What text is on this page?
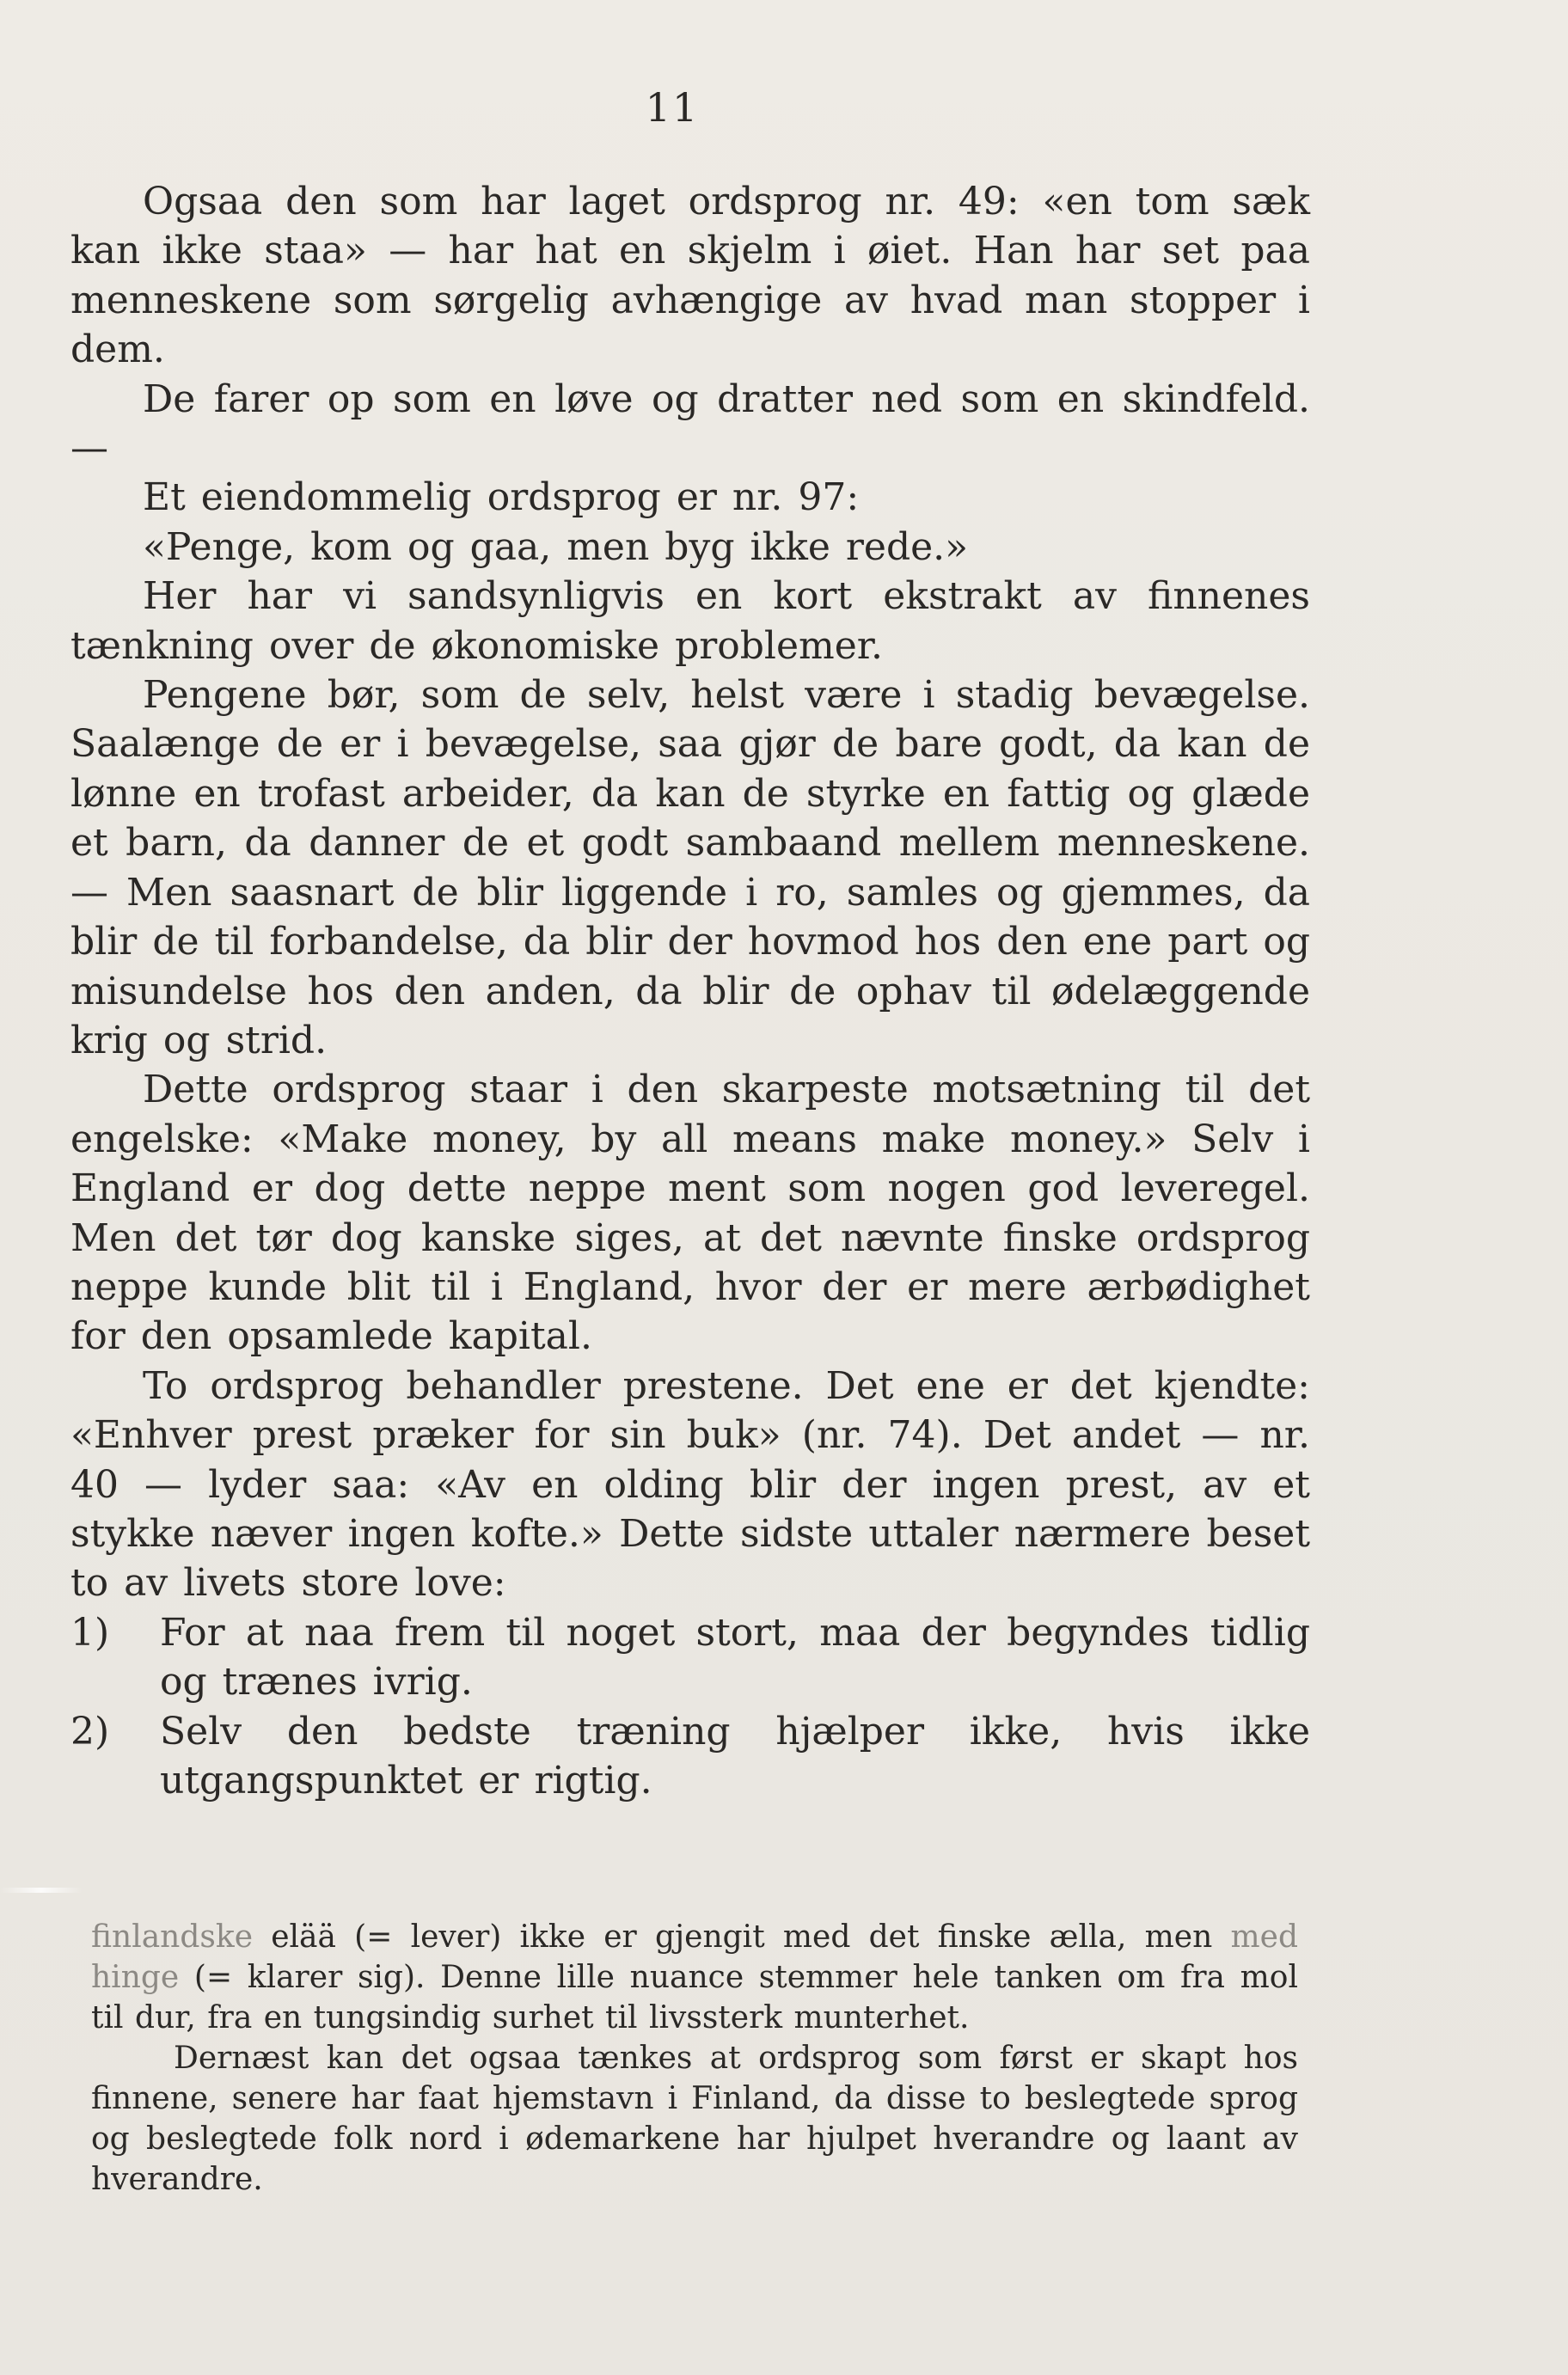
11

Ogsaa den som har laget ordsprog nr. 49: «en tom sæk kan ikke staa» — har hat en skjelm i øiet. Han har set paa menneskene som sørgelig avhængige av hvad man stopper i dem.

De farer op som en løve og dratter ned som en skindfeld. —

Et eiendommelig ordsprog er nr. 97:

«Penge, kom og gaa, men byg ikke rede.»

Her har vi sandsynligvis en kort ekstrakt av finnenes tænkning over de økonomiske problemer.

Pengene bør, som de selv, helst være i stadig bevægelse. Saalænge de er i bevægelse, saa gjør de bare godt, da kan de lønne en trofast arbeider, da kan de styrke en fattig og glæde et barn, da danner de et godt sambaand mellem menneskene. — Men saasnart de blir liggende i ro, samles og gjemmes, da blir de til forbandelse, da blir der hovmod hos den ene part og misundelse hos den anden, da blir de ophav til ødelæggende krig og strid.

Dette ordsprog staar i den skarpeste motsætning til det engelske: «Make money, by all means make money.» Selv i England er dog dette neppe ment som nogen god leveregel. Men det tør dog kanske siges, at det nævnte finske ordsprog neppe kunde blit til i England, hvor der er mere ærbødighet for den opsamlede kapital.

To ordsprog behandler prestene. Det ene er det kjendte: «Enhver prest præker for sin buk» (nr. 74). Det andet — nr. 40 — lyder saa: «Av en olding blir der ingen prest, av et stykke næver ingen kofte.» Dette sidste uttaler nærmere beset to av livets store love:

1) For at naa frem til noget stort, maa der begyndes tidlig og trænes ivrig.
2) Selv den bedste træning hjælper ikke, hvis ikke utgangspunktet er rigtig.

finlandske elää (= lever) ikke er gjengit med det finske ælla, men med hinge (= klarer sig). Denne lille nuance stemmer hele tanken om fra mol til dur, fra en tungsindig surhet til livssterk munterhet.

Dernæst kan det ogsaa tænkes at ordsprog som først er skapt hos finnene, senere har faat hjemstavn i Finland, da disse to beslegtede sprog og beslegtede folk nord i ødemarkene har hjulpet hverandre og laant av hverandre.
